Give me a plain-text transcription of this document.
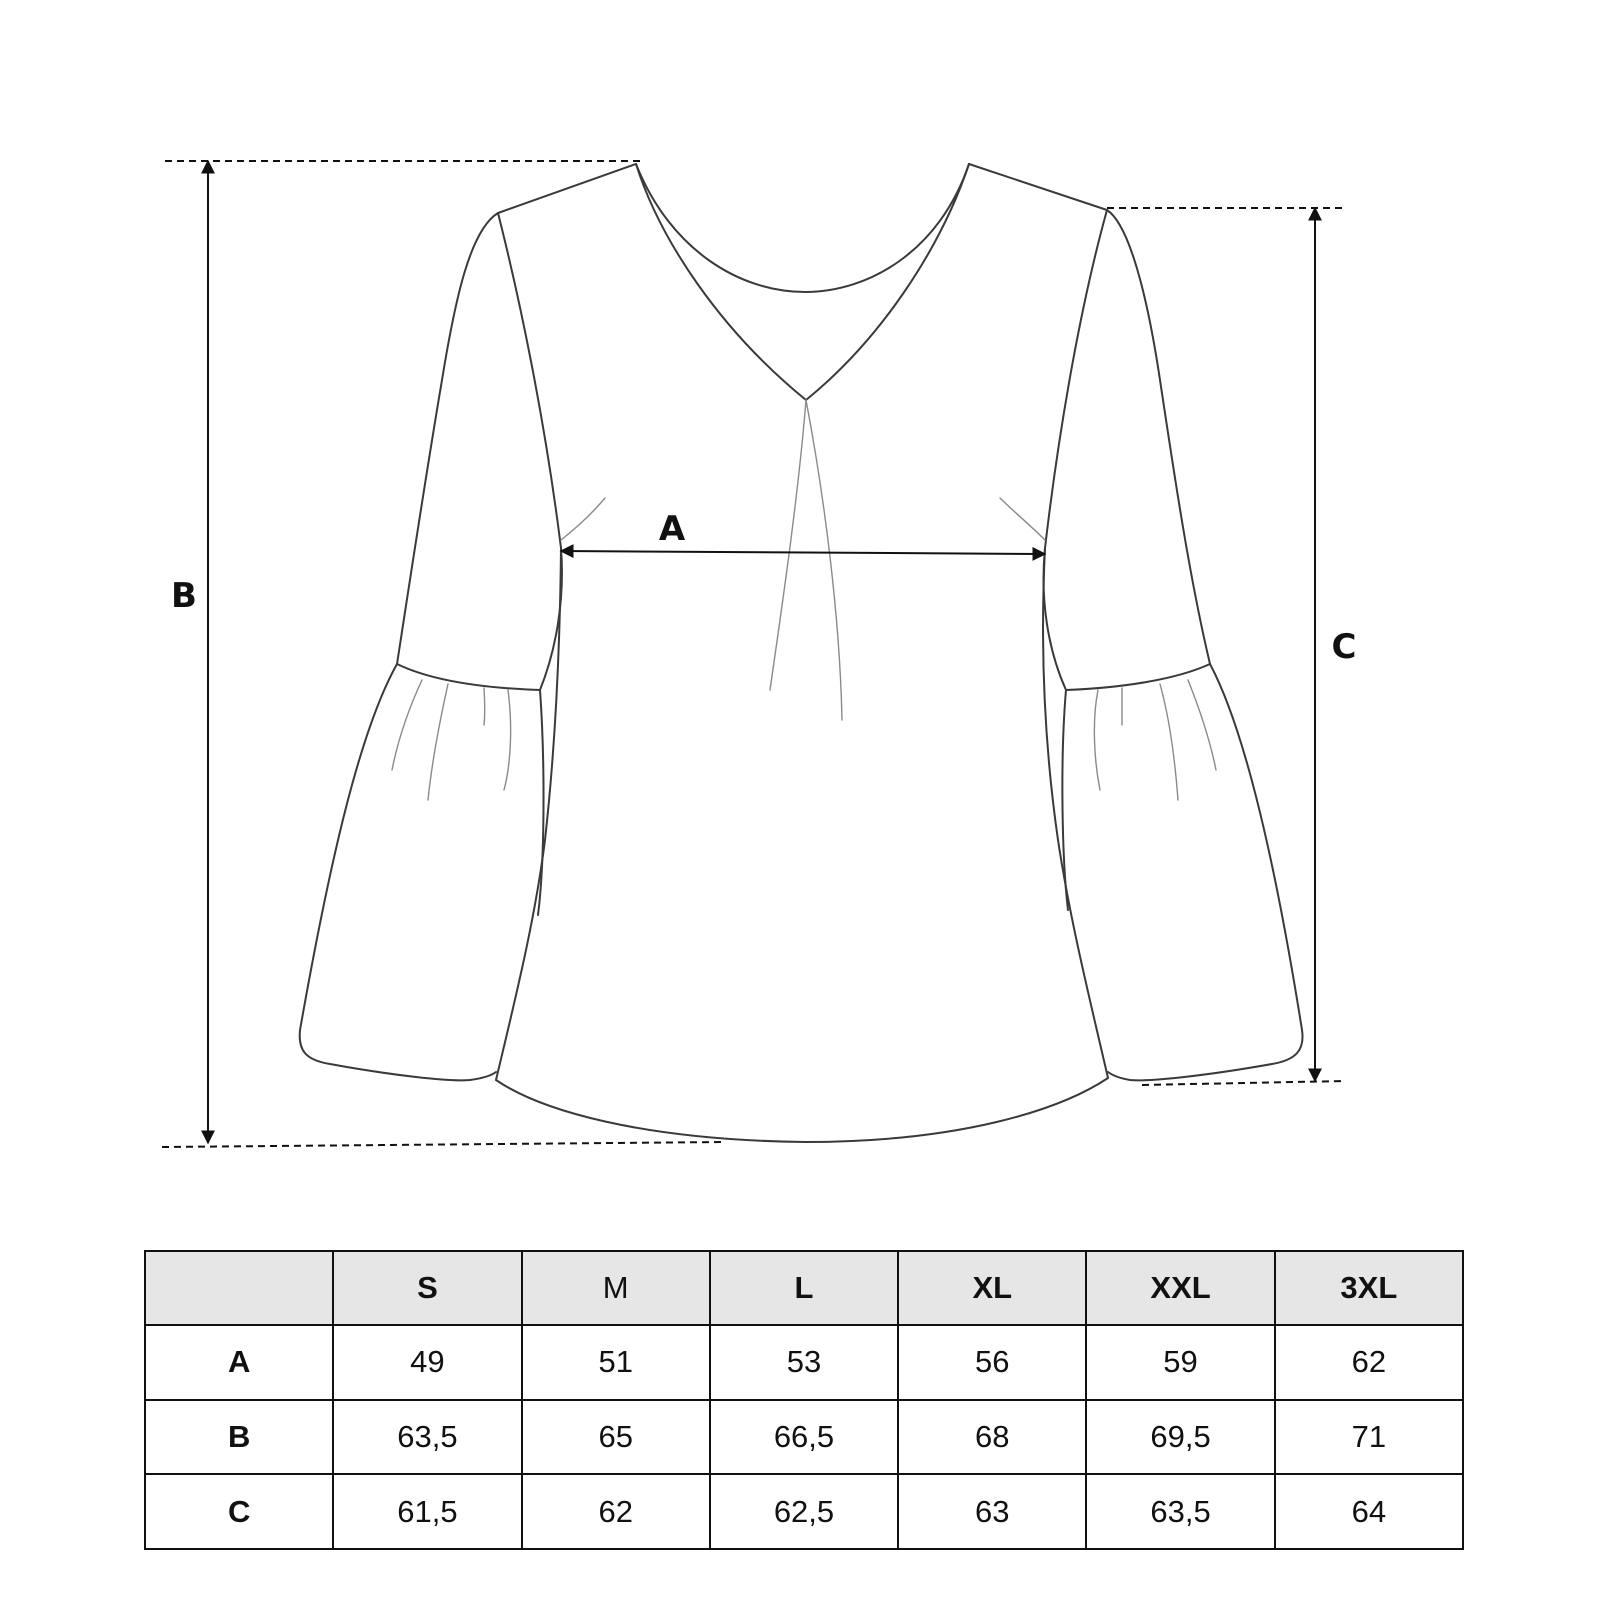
A
B
C
	S	M	L	XL	XXL	3XL
A	49	51	53	56	59	62
B	63,5	65	66,5	68	69,5	71
C	61,5	62	62,5	63	63,5	64
